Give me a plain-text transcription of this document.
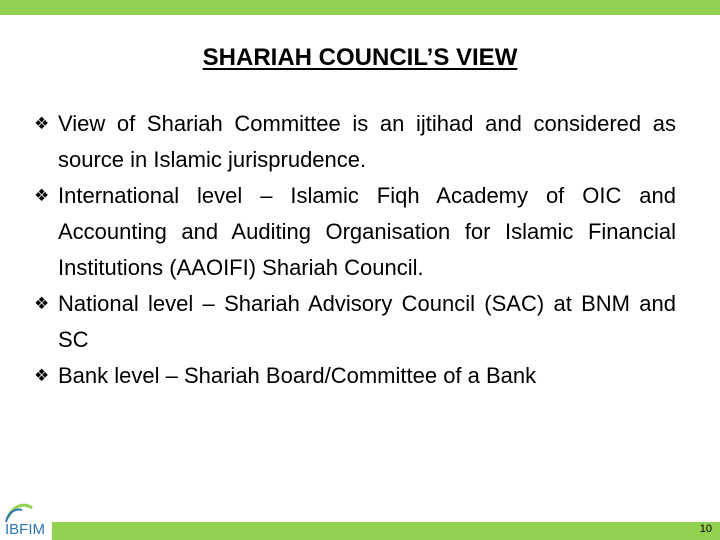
SHARIAH COUNCIL’S VIEW
❖ View of Shariah Committee is an ijtihad and considered as source in Islamic jurisprudence.
❖ International level – Islamic Fiqh Academy of OIC and Accounting and Auditing Organisation for Islamic Financial Institutions (AAOIFI) Shariah Council.
❖ National level – Shariah Advisory Council (SAC) at BNM and SC
❖ Bank level – Shariah Board/Committee of a Bank
IBFIM	10
